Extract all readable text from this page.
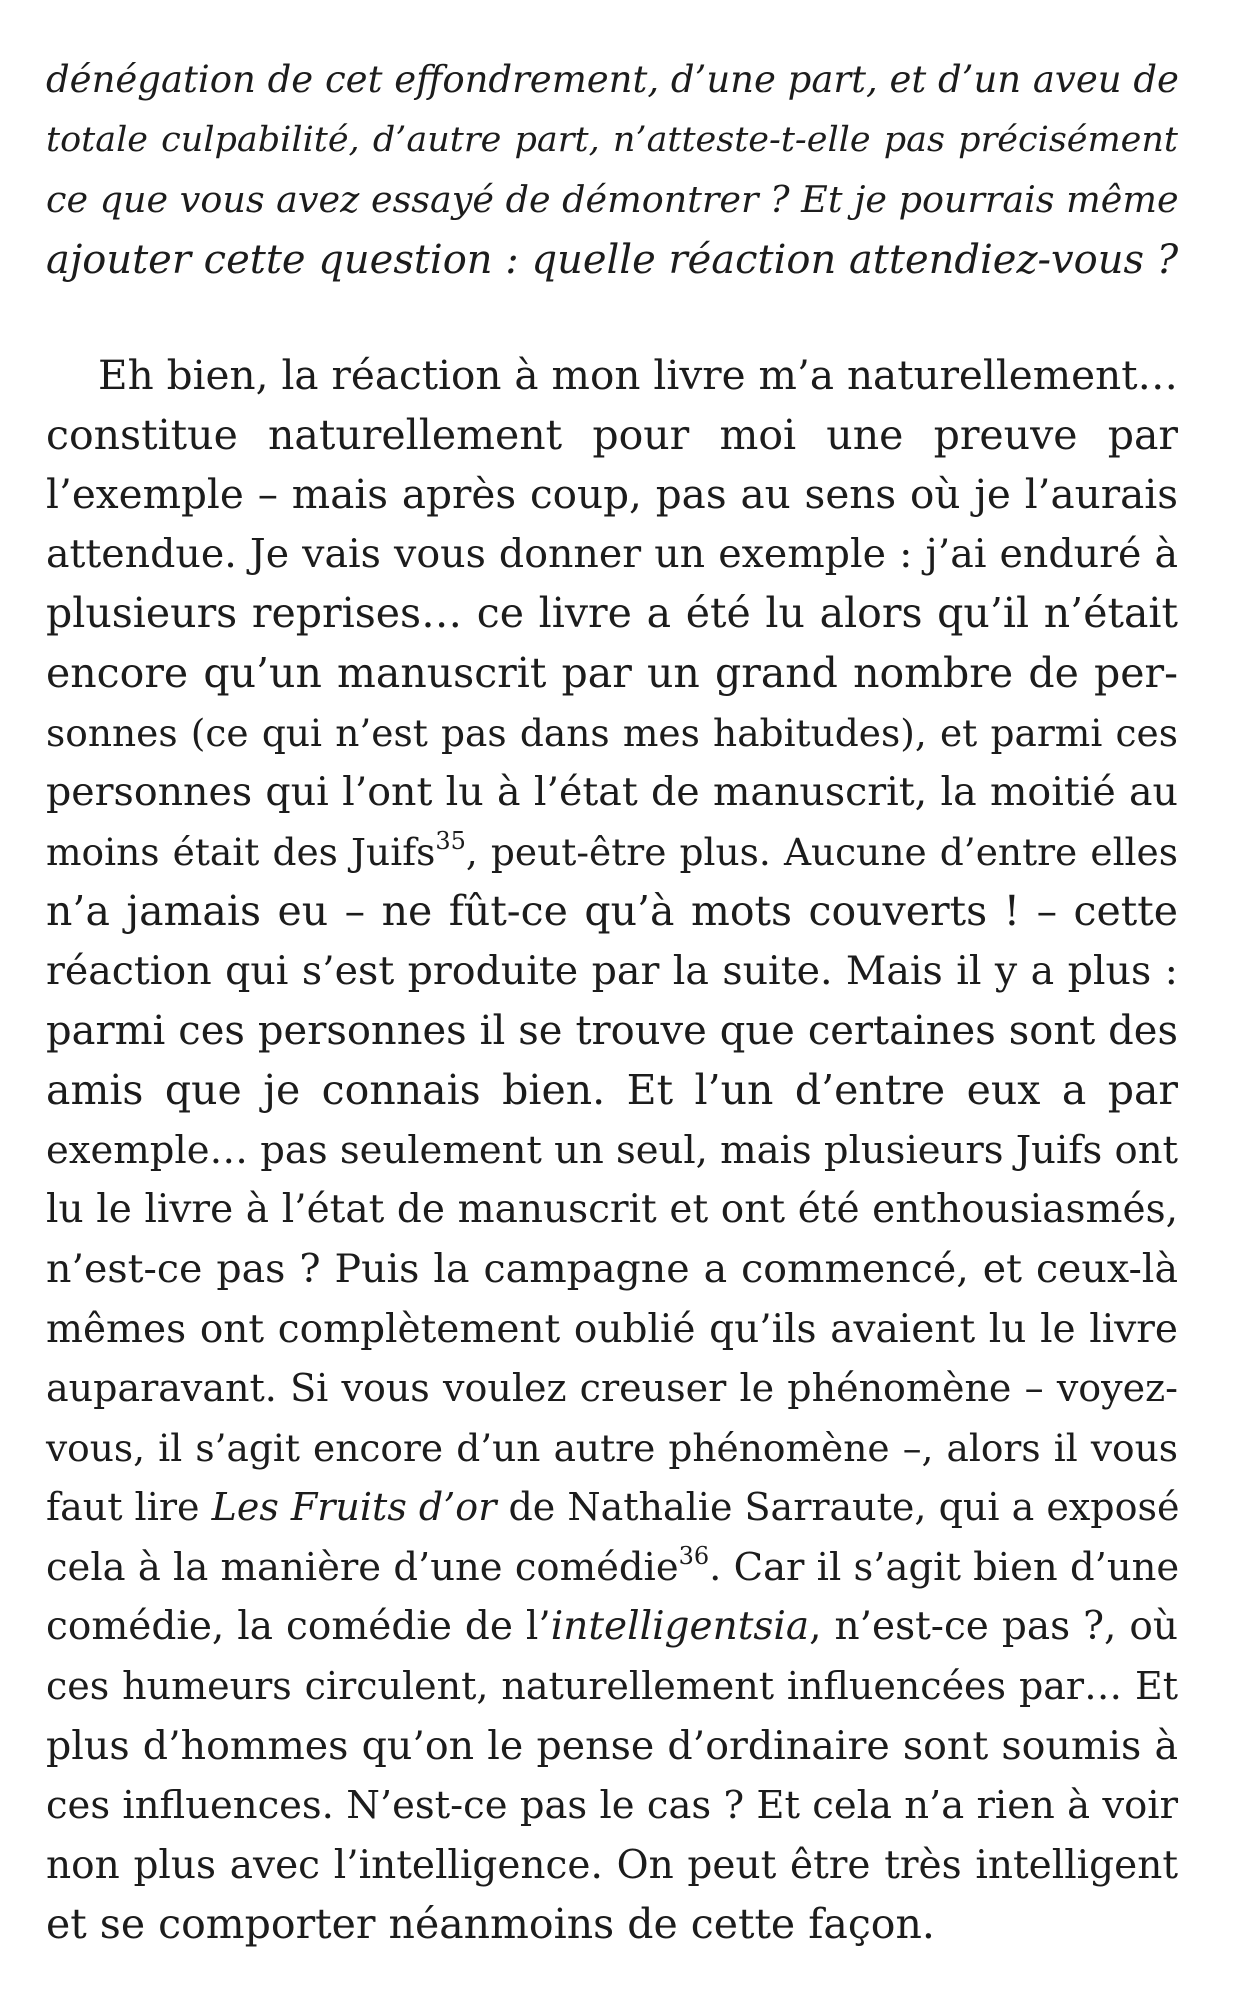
dénégation de cet effondrement, d’une part, et d’un aveu de
totale culpabilité, d’autre part, n’atteste-t-elle pas précisément
ce que vous avez essayé de démontrer ? Et je pourrais même
ajouter cette question : quelle réaction attendiez-vous ?

Eh bien, la réaction à mon livre m’a naturellement…
constitue naturellement pour moi une preuve par
l’exemple – mais après coup, pas au sens où je l’aurais
attendue. Je vais vous donner un exemple : j’ai enduré à
plusieurs reprises… ce livre a été lu alors qu’il n’était
encore qu’un manuscrit par un grand nombre de per-
sonnes (ce qui n’est pas dans mes habitudes), et parmi ces
personnes qui l’ont lu à l’état de manuscrit, la moitié au
moins était des Juifs$^{35}$, peut-être plus. Aucune d’entre elles
n’a jamais eu – ne fût-ce qu’à mots couverts ! – cette
réaction qui s’est produite par la suite. Mais il y a plus :
parmi ces personnes il se trouve que certaines sont des
amis que je connais bien. Et l’un d’entre eux a par
exemple… pas seulement un seul, mais plusieurs Juifs ont
lu le livre à l’état de manuscrit et ont été enthousiasmés,
n’est-ce pas ? Puis la campagne a commencé, et ceux-là
mêmes ont complètement oublié qu’ils avaient lu le livre
auparavant. Si vous voulez creuser le phénomène – voyez-
vous, il s’agit encore d’un autre phénomène –, alors il vous
faut lire Les Fruits d’or de Nathalie Sarraute, qui a exposé
cela à la manière d’une comédie$^{36}$. Car il s’agit bien d’une
comédie, la comédie de l’intelligentsia, n’est-ce pas ?, où
ces humeurs circulent, naturellement influencées par… Et
plus d’hommes qu’on le pense d’ordinaire sont soumis à
ces influences. N’est-ce pas le cas ? Et cela n’a rien à voir
non plus avec l’intelligence. On peut être très intelligent
et se comporter néanmoins de cette façon.
